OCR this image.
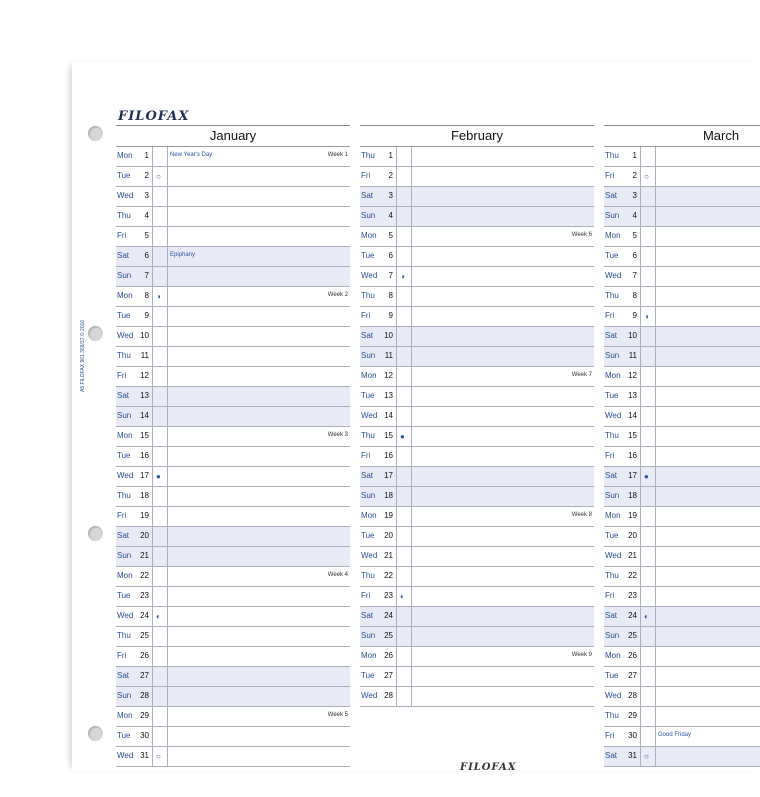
FILOFAX
A5 FILOFAX 961 368/37 © 2016
January
Mon	1	New Year's Day	Week 1
Tue	2 ○
Wed	3
Thu	4
Fri	5
Sat	6	Epiphany
Sun	7
Mon	8 ◑	Week 2
Tue	9
Wed 10
Thu 11
Fri 12
Sat 13
Sun 14
Mon 15	Week 3
Tue 16
Wed 17 ●
Thu 18
Fri 19
Sat 20
Sun 21
Mon 22	Week 4
Tue 23
Wed 24 ◐
Thu 25
Fri 26
Sat 27
Sun 28
Mon 29	Week 5
Tue 30
Wed 31 ○
February
Thu	1
Fri	2
Sat	3
Sun	4
Mon	5	Week 6
Tue	6
Wed	7 ◑
Thu	8
Fri	9
Sat 10
Sun 11
Mon 12	Week 7
Tue 13
Wed 14
Thu 15 ●
Fri 16
Sat 17
Sun 18
Mon 19	Week 8
Tue 20
Wed 21
Thu 22
Fri 23 ◐
Sat 24
Sun 25
Mon 26	Week 9
Tue 27
Wed 28
March
Thu	1
Fri	2 ○
Sat	3
Sun	4
Mon	5
Tue	6
Wed	7
Thu	8
Fri	9 ◑
Sat 10
Sun 11
Mon 12
Tue 13
Wed 14
Thu 15
Fri 16
Sat 17 ●
Sun 18
Mon 19
Tue 20
Wed 21
Thu 22
Fri 23
Sat 24 ◐
Sun 25
Mon 26
Tue 27
Wed 28
Thu 29
Fri 30	Good Friday
Sat 31 ○
FILOFAX
